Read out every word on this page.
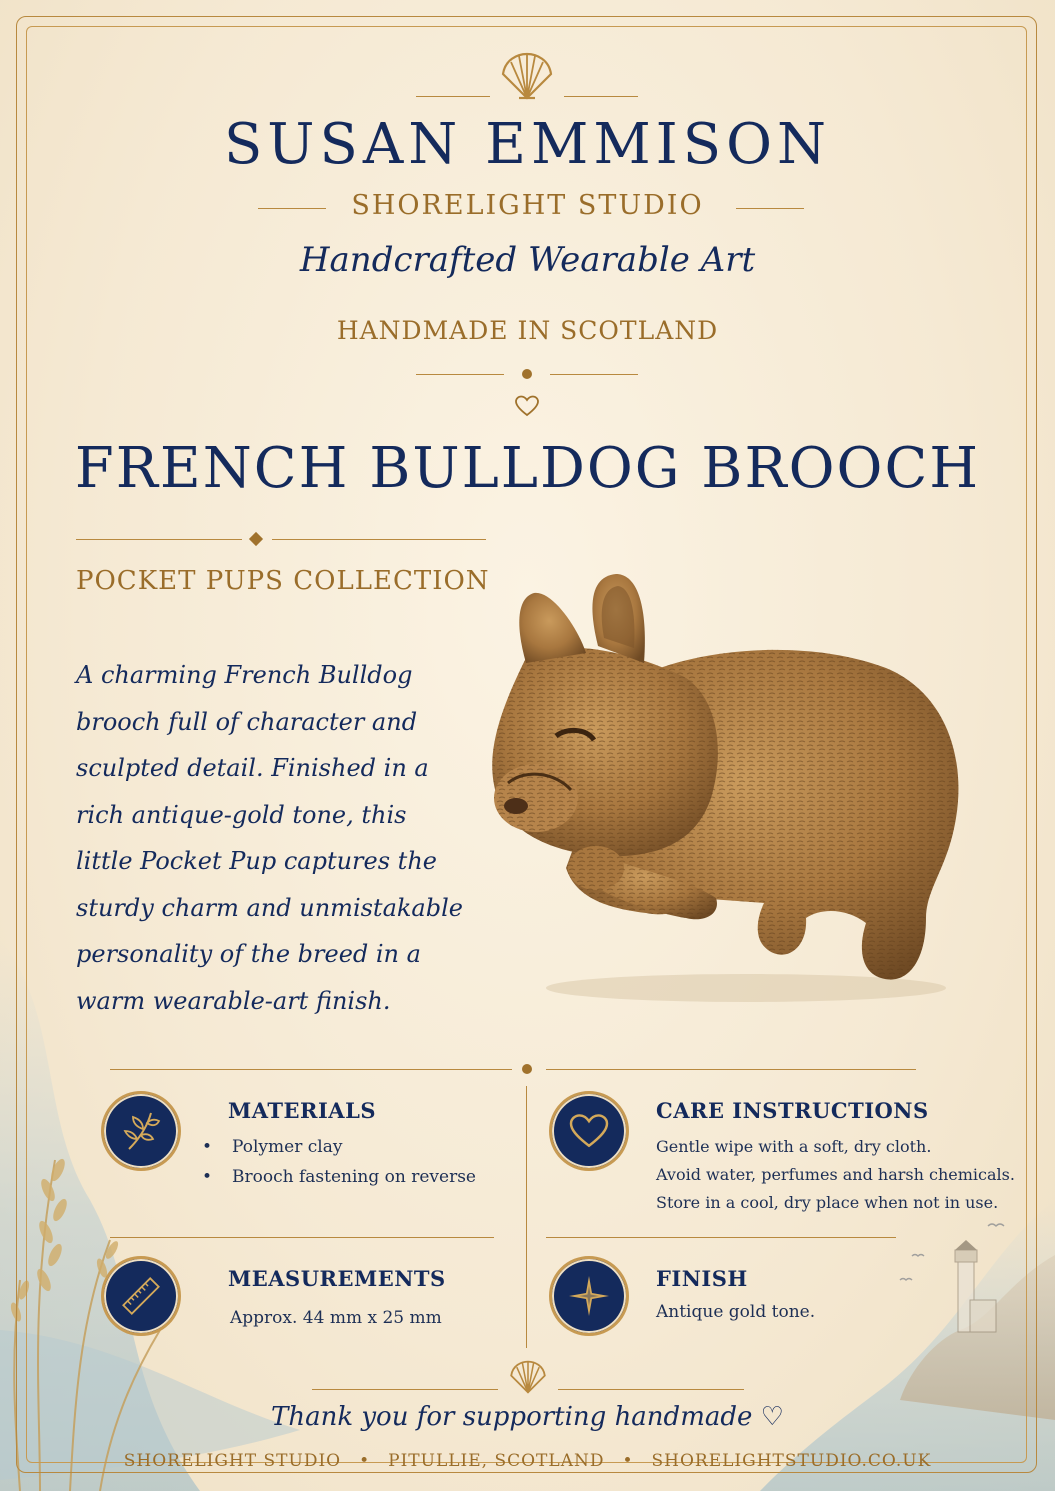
SUSAN EMMISON
SHORELIGHT STUDIO
Handcrafted Wearable Art
HANDMADE IN SCOTLAND
FRENCH BULLDOG BROOCH
POCKET PUPS COLLECTION
A charming French Bulldog
brooch full of character and
sculpted detail. Finished in a
rich antique-gold tone, this
little Pocket Pup captures the
sturdy charm and unmistakable
personality of the breed in a
warm wearable-art finish.
MATERIALS
• Polymer clay
• Brooch fastening on reverse
CARE INSTRUCTIONS
Gentle wipe with a soft, dry cloth.
Avoid water, perfumes and harsh chemicals.
Store in a cool, dry place when not in use.
MEASUREMENTS
Approx. 44 mm x 25 mm
FINISH
Antique gold tone.
Thank you for supporting handmade ♡
SHORELIGHT STUDIO • PITULLIE, SCOTLAND • SHORELIGHTSTUDIO.CO.UK
